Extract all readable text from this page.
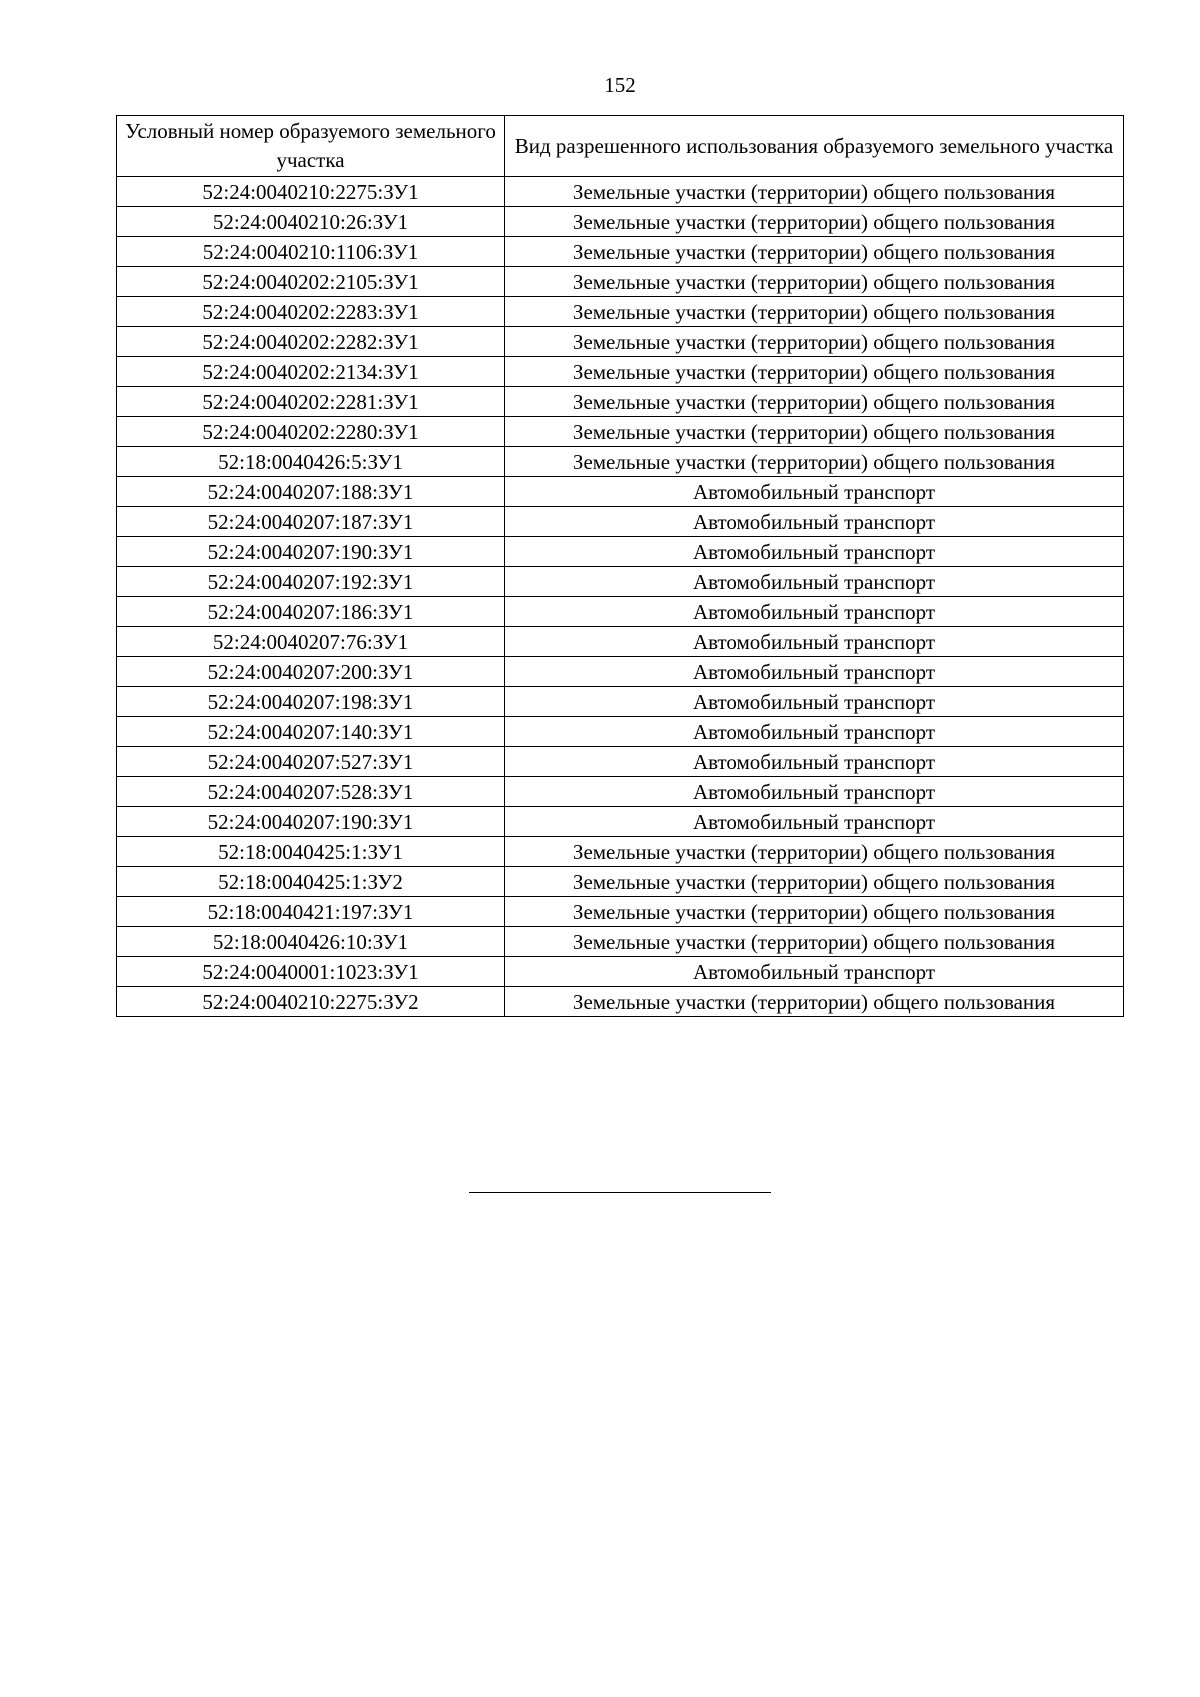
152
Условный номер образуемого земельного участка	Вид разрешенного использования образуемого земельного участка
52:24:0040210:2275:ЗУ1	Земельные участки (территории) общего пользования
52:24:0040210:26:ЗУ1	Земельные участки (территории) общего пользования
52:24:0040210:1106:ЗУ1	Земельные участки (территории) общего пользования
52:24:0040202:2105:ЗУ1	Земельные участки (территории) общего пользования
52:24:0040202:2283:ЗУ1	Земельные участки (территории) общего пользования
52:24:0040202:2282:ЗУ1	Земельные участки (территории) общего пользования
52:24:0040202:2134:ЗУ1	Земельные участки (территории) общего пользования
52:24:0040202:2281:ЗУ1	Земельные участки (территории) общего пользования
52:24:0040202:2280:ЗУ1	Земельные участки (территории) общего пользования
52:18:0040426:5:ЗУ1	Земельные участки (территории) общего пользования
52:24:0040207:188:ЗУ1	Автомобильный транспорт
52:24:0040207:187:ЗУ1	Автомобильный транспорт
52:24:0040207:190:ЗУ1	Автомобильный транспорт
52:24:0040207:192:ЗУ1	Автомобильный транспорт
52:24:0040207:186:ЗУ1	Автомобильный транспорт
52:24:0040207:76:ЗУ1	Автомобильный транспорт
52:24:0040207:200:ЗУ1	Автомобильный транспорт
52:24:0040207:198:ЗУ1	Автомобильный транспорт
52:24:0040207:140:ЗУ1	Автомобильный транспорт
52:24:0040207:527:ЗУ1	Автомобильный транспорт
52:24:0040207:528:ЗУ1	Автомобильный транспорт
52:24:0040207:190:ЗУ1	Автомобильный транспорт
52:18:0040425:1:ЗУ1	Земельные участки (территории) общего пользования
52:18:0040425:1:ЗУ2	Земельные участки (территории) общего пользования
52:18:0040421:197:ЗУ1	Земельные участки (территории) общего пользования
52:18:0040426:10:ЗУ1	Земельные участки (территории) общего пользования
52:24:0040001:1023:ЗУ1	Автомобильный транспорт
52:24:0040210:2275:ЗУ2	Земельные участки (территории) общего пользования
